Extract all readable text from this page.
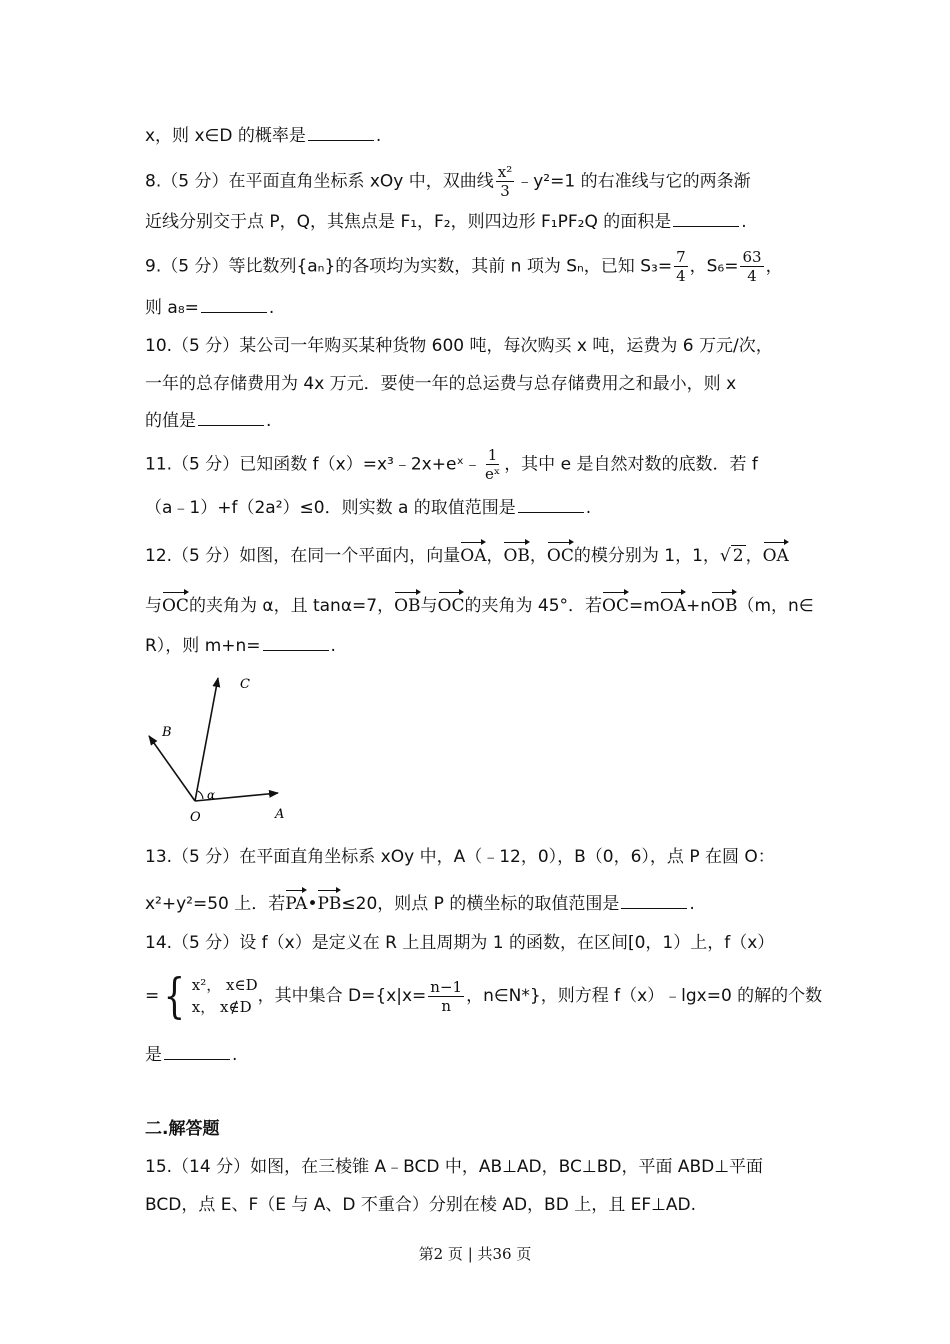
x，则 x∈D 的概率是	.
8.（5 分）在平面直角坐标系 xOy 中，双曲线 $\frac{\text{x²}}{3}$ ﹣y²=1 的右准线与它的两条渐
近线分别交于点 P，Q，其焦点是 F₁，F₂，则四边形 F₁PF₂Q 的面积是	.
9.（5 分）等比数列{aₙ}的各项均为实数，其前 n 项为 Sₙ，已知 $S_3= \frac{7}{4}$ ，$S_6= \frac{63}{4}$ ，
则 a₈=	.
10.（5 分）某公司一年购买某种货物 600 吨，每次购买 x 吨，运费为 6 万元/次，
一年的总存储费用为 4x 万元．要使一年的总运费与总存储费用之和最小，则 x
的值是	.
11.（5 分）已知函数 f（x）=x³﹣2x+eˣ﹣ $\frac{1}{\text{eˣ}}$ ，其中 e 是自然对数的底数．若 f
（a﹣1）+f（2a²）≤0．则实数 a 的取值范围是	.
12.（5 分）如图，在同一个平面内，向量OA，OB，OC的模分别为 1，1，√ 2 ，OA
与OC的夹角为 α，且 tanα=7，OB与OC的夹角为 45°．若OC=mOA+nOB（m，n∈
R），则 m+n=	.
C
B
O	A
α
13.（5 分）在平面直角坐标系 xOy 中，A（﹣12，0），B（0，6），点 P 在圆 O：
x²+y²=50 上．若PA•PB≤20，则点 P 的横坐标的取值范围是	.
14.（5 分）设 f（x）是定义在 R 上且周期为 1 的函数，在区间[0，1）上，f（x）
= { x²， x∈D
x， x∉D
，其中集合 $D=\{x|x= \frac{n-1}{n}$ ，n∈N*}，则方程 f（x）﹣lgx=0 的解的个数
是	.
二.解答题
15.（14 分）如图，在三棱锥 A﹣BCD 中，AB⊥AD，BC⊥BD，平面 ABD⊥平面
BCD，点 E、F（E 与 A、D 不重合）分别在棱 AD，BD 上，且 EF⊥AD.
第2 页 | 共36 页
